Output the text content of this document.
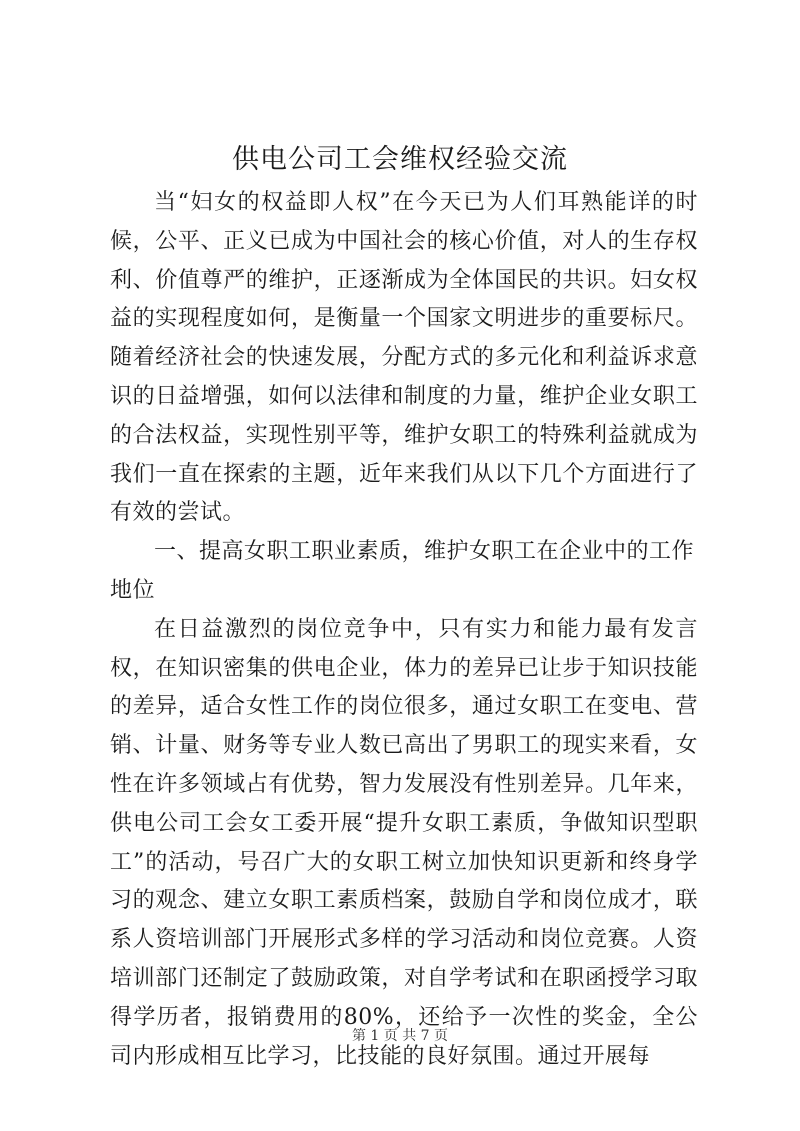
供电公司工会维权经验交流

当“妇女的权益即人权”在今天已为人们耳熟能详的时候，公平、正义已成为中国社会的核心价值，对人的生存权利、价值尊严的维护，正逐渐成为全体国民的共识。妇女权益的实现程度如何，是衡量一个国家文明进步的重要标尺。随着经济社会的快速发展，分配方式的多元化和利益诉求意识的日益增强，如何以法律和制度的力量，维护企业女职工的合法权益，实现性别平等，维护女职工的特殊利益就成为我们一直在探索的主题，近年来我们从以下几个方面进行了有效的尝试。

一、提高女职工职业素质，维护女职工在企业中的工作地位

在日益激烈的岗位竞争中，只有实力和能力最有发言权，在知识密集的供电企业，体力的差异已让步于知识技能的差异，适合女性工作的岗位很多，通过女职工在变电、营销、计量、财务等专业人数已高出了男职工的现实来看，女性在许多领域占有优势，智力发展没有性别差异。几年来，供电公司工会女工委开展“提升女职工素质，争做知识型职工”的活动，号召广大的女职工树立加快知识更新和终身学习的观念、建立女职工素质档案，鼓励自学和岗位成才，联系人资培训部门开展形式多样的学习活动和岗位竞赛。人资培训部门还制定了鼓励政策，对自学考试和在职函授学习取得学历者，报销费用的80%，还给予一次性的奖金，全公司内形成相互比学习，比技能的良好氛围。通过开展每

第 1 页 共 7 页
